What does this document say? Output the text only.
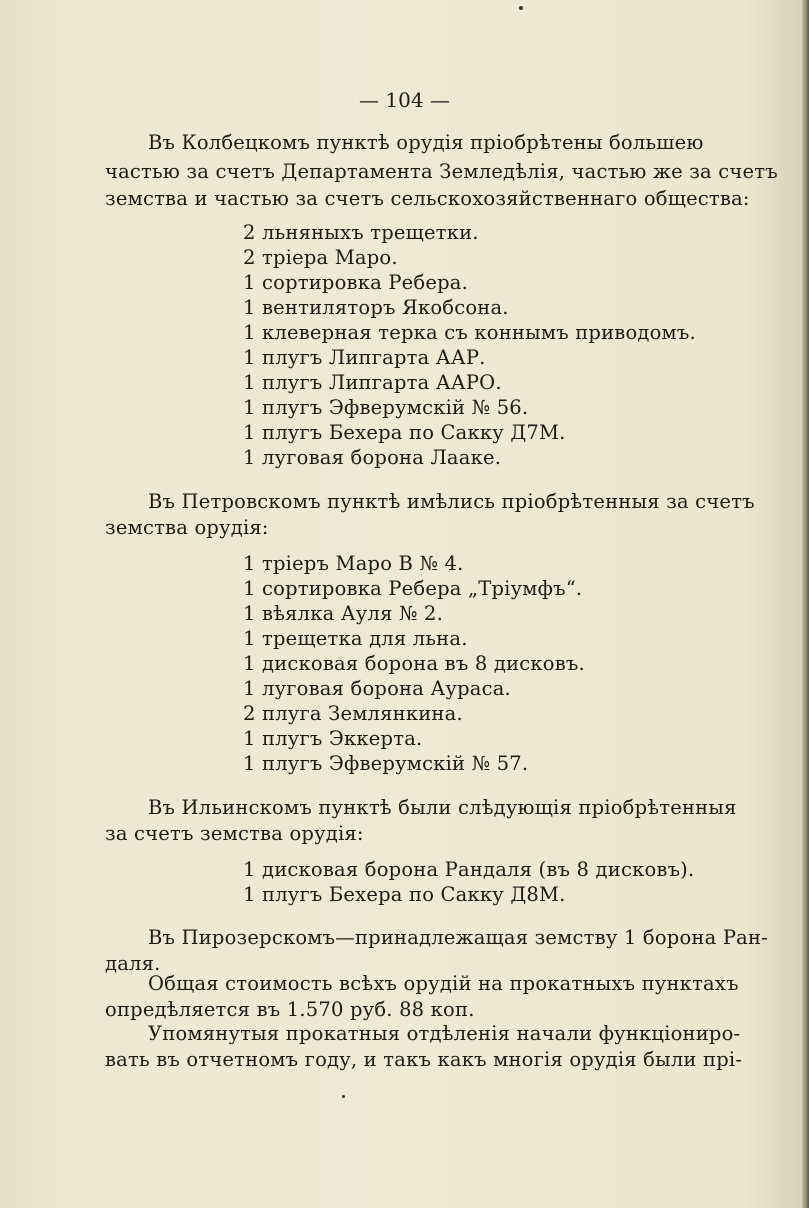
— 104 —
Въ Колбецкомъ пунктѣ орудія пріобрѣтены большею
частью за счетъ Департамента Земледѣлія, частью же за счетъ
земства и частью за счетъ сельскохозяйственнаго общества:
2 льняныхъ трещетки.
2 тріера Маро.
1 сортировка Ребера.
1 вентиляторъ Якобсона.
1 клеверная терка съ коннымъ приводомъ.
1 плугъ Липгарта ААР.
1 плугъ Липгарта ААРО.
1 плугъ Эфверумскій № 56.
1 плугъ Бехера по Сакку Д7М.
1 луговая борона Лааке.
Въ Петровскомъ пунктѣ имѣлись пріобрѣтенныя за счетъ
земства орудія:
1 тріеръ Маро В № 4.
1 сортировка Ребера „Тріумфъ“.
1 вѣялка Ауля № 2.
1 трещетка для льна.
1 дисковая борона въ 8 дисковъ.
1 луговая борона Аураса.
2 плуга Землянкина.
1 плугъ Эккерта.
1 плугъ Эфверумскій № 57.
Въ Ильинскомъ пунктѣ были слѣдующія пріобрѣтенныя
за счетъ земства орудія:
1 дисковая борона Рандаля (въ 8 дисковъ).
1 плугъ Бехера по Сакку Д8М.
Въ Пирозерскомъ—принадлежащая земству 1 борона Ран-
даля.
Общая стоимость всѣхъ орудій на прокатныхъ пунктахъ
опредѣляется въ 1.570 руб. 88 коп.
Упомянутыя прокатныя отдѣленія начали функціониро-
вать въ отчетномъ году, и такъ какъ многія орудія были прі-
